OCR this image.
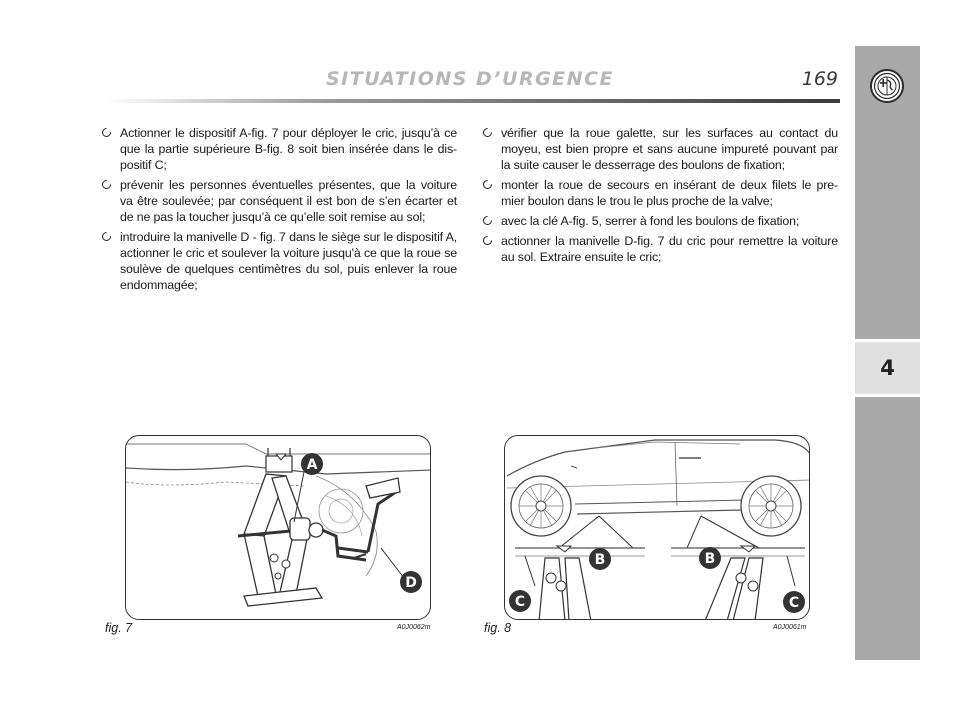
SITUATIONS D’URGENCE	169
4
Actionner le dispositif A-fig. 7 pour déployer le cric, jusqu’à ce que la partie supérieure B-fig. 8 soit bien insérée dans le dis-positif C;
prévenir les personnes éventuelles présentes, que la voiture va être soulevée; par conséquent il est bon de s’en écarter et de ne pas la toucher jusqu’à ce qu’elle soit remise au sol;
introduire la manivelle D - fig. 7 dans le siège sur le dispositif A, actionner le cric et soulever la voiture jusqu'à ce que la roue se soulève de quelques centimètres du sol, puis enlever la roue endommagée;
vérifier que la roue galette, sur les surfaces au contact du moyeu, est bien propre et sans aucune impureté pouvant par la suite causer le desserrage des boulons de fixation;
monter la roue de secours en insérant de deux filets le pre-mier boulon dans le trou le plus proche de la valve;
avec la clé A-fig. 5, serrer à fond les boulons de fixation;
actionner la manivelle D-fig. 7 du cric pour remettre la voiture au sol. Extraire ensuite le cric;
A
D
fig. 7	A0J0062m
B
C
B
C
fig. 8	A0J0061m
